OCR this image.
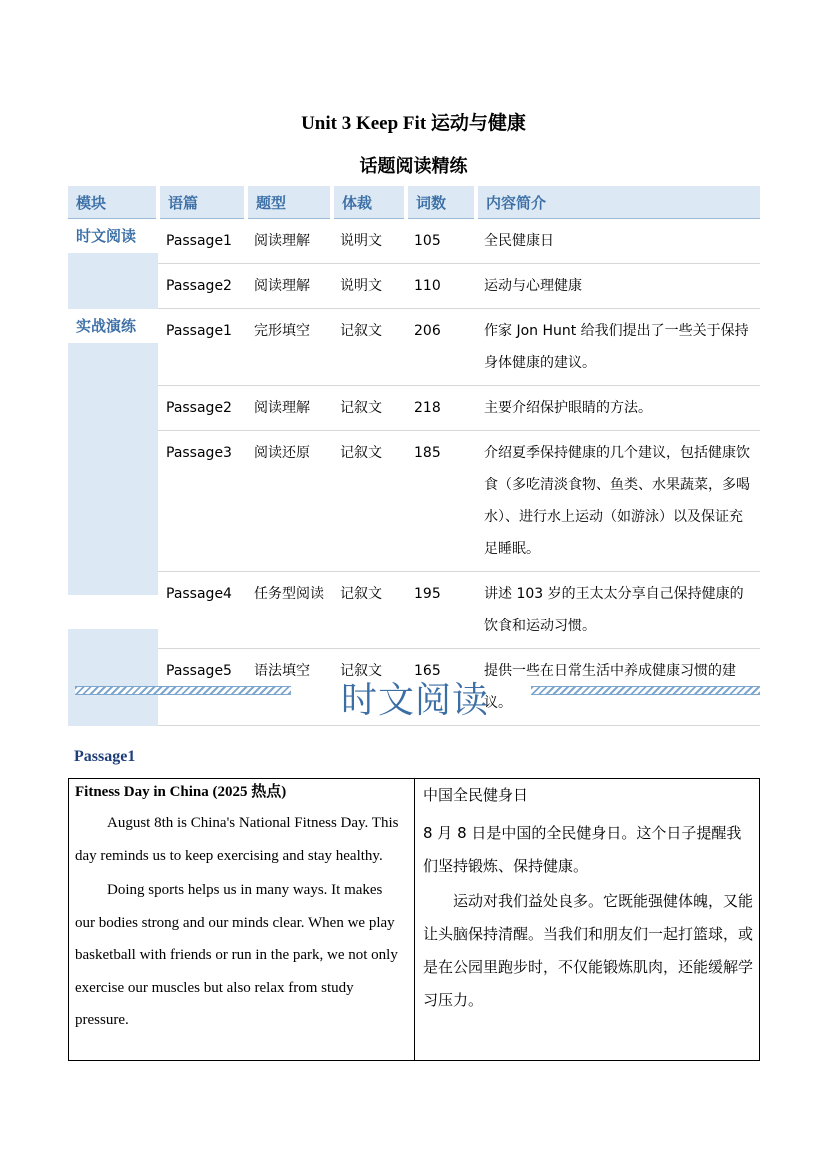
Unit 3 Keep Fit 运动与健康
话题阅读精练
模块	语篇	题型	体裁	词数	内容简介

时文阅读	Passage1	阅读理解	说明文	105	全民健康日
	Passage2	阅读理解	说明文	110	运动与心理健康

实战演练	Passage1	完形填空	记叙文	206	作家 Jon Hunt 给我们提出了一些关于保持身体健康的建议。
	Passage2	阅读理解	记叙文	218	主要介绍保护眼睛的方法。
	Passage3	阅读还原	记叙文	185	介绍夏季保持健康的几个建议，包括健康饮食（多吃清淡食物、鱼类、水果蔬菜，多喝水）、进行水上运动（如游泳）以及保证充足睡眠。
	Passage4	任务型阅读	记叙文	195	讲述 103 岁的王太太分享自己保持健康的饮食和运动习惯。
	Passage5	语法填空	记叙文	165	提供一些在日常生活中养成健康习惯的建议。
时文阅读
Passage1
Fitness Day in China (2025 热点)

August 8th is China's National Fitness Day. This day reminds us to keep exercising and stay healthy.

Doing sports helps us in many ways. It makes our bodies strong and our minds clear. When we play basketball with friends or run in the park, we not only exercise our muscles but also relax from study pressure.

中国全民健身日

8 月 8 日是中国的全民健身日。这个日子提醒我们坚持锻炼、保持健康。

运动对我们益处良多。它既能强健体魄，又能让头脑保持清醒。当我们和朋友们一起打篮球，或是在公园里跑步时，不仅能锻炼肌肉，还能缓解学习压力。
